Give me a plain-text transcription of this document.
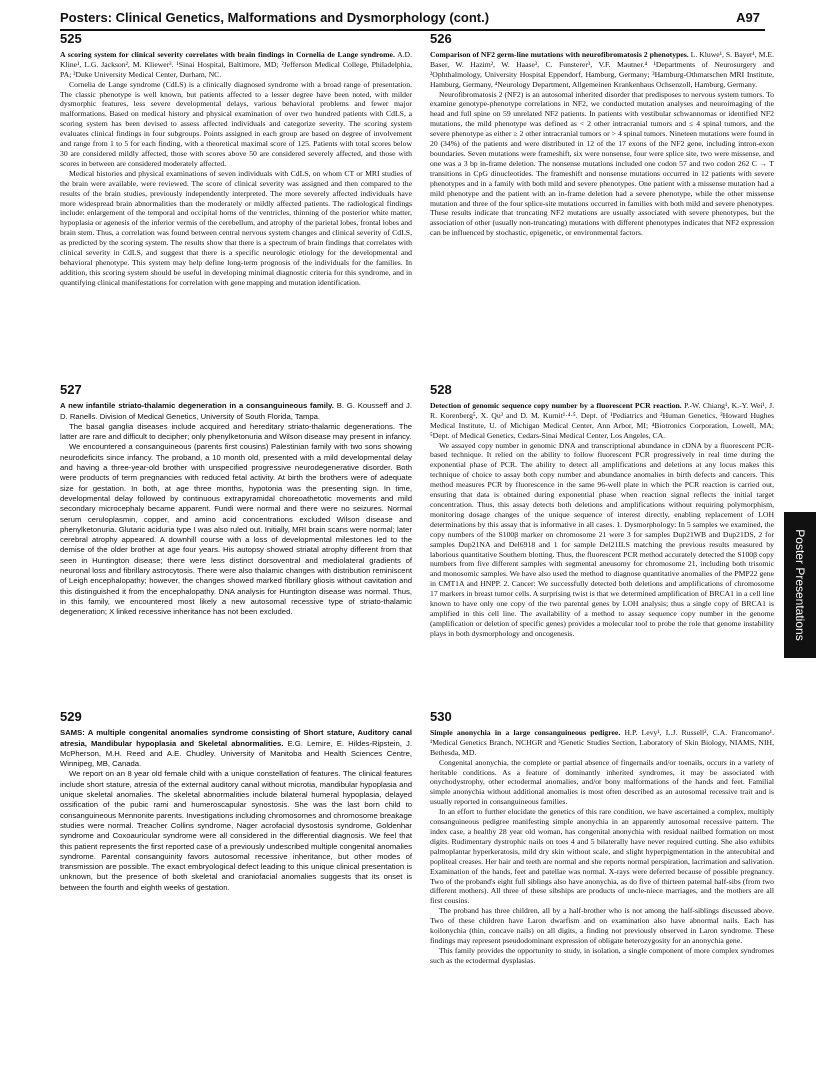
Posters: Clinical Genetics, Malformations and Dysmorphology (cont.)	A97
525

A scoring system for clinical severity correlates with brain findings in Cornelia de Lange syndrome. A.D. Kline¹, L.G. Jackson², M. Kliewer³. ¹Sinai Hospital, Baltimore, MD; ²Jefferson Medical College, Philadelphia, PA; ³Duke University Medical Center, Durham, NC.

Cornelia de Lange syndrome (CdLS) is a clinically diagnosed syndrome with a broad range of presentation. The classic phenotype is well known, but patients affected to a lesser degree have been noted, with milder dysmorphic features, less severe developmental delays, various behavioral problems and fewer major malformations. Based on medical history and physical examination of over two hundred patients with CdLS, a scoring system has been devised to assess affected individuals and categorize severity. The scoring system evaluates clinical findings in four subgroups. Points assigned in each group are based on degree of involvement and range from 1 to 5 for each finding, with a theoretical maximal score of 125. Patients with total scores below 30 are considered mildly affected, those with scores above 50 are considered severely affected, and those with scores in between are considered moderately affected.

Medical histories and physical examinations of seven individuals with CdLS, on whom CT or MRI studies of the brain were available, were reviewed. The score of clinical severity was assigned and then compared to the results of the brain studies, previously independently interpreted. The more severely affected individuals have more widespread brain abnormalities than the moderately or mildly affected patients. The radiological findings include: enlargement of the temporal and occipital horns of the ventricles, thinning of the posterior white matter, hypoplasia or agenesis of the inferior vermis of the cerebellum, and atrophy of the parietal lobes, frontal lobes and brain stem. Thus, a correlation was found between central nervous system changes and clinical severity of CdLS, as predicted by the scoring system. The results show that there is a spectrum of brain findings that correlates with clinical severity in CdLS, and suggest that there is a specific neurologic etiology for the developmental and behavioral phenotype. This system may help define long-term prognosis of the individuals for the families. In addition, this scoring system should be useful in developing minimal diagnostic criteria for this syndrome, and in quantifying clinical manifestations for correlation with gene mapping and mutation identification.

526

Comparison of NF2 germ-line mutations with neurofibromatosis 2 phenotypes. L. Kluwe¹, S. Bayer¹, M.E. Baser, W. Hazim², W. Haase³, C. Funsterer³, V.F. Mautner.⁴ ¹Departments of Neurosurgery and ²Ophthalmology, University Hospital Eppendorf, Hamburg, Germany; ³Hamburg-Othmarschen MRI Institute, Hamburg, Germany, ⁴Neurology Department, Allgemeinen Krankenhaus Ochsenzoll, Hamburg, Germany.

Neurofibromatosis 2 (NF2) is an autosomal inherited disorder that predisposes to nervous system tumors. To examine genotype-phenotype correlations in NF2, we conducted mutation analyses and neuroimaging of the head and full spine on 59 unrelated NF2 patients. In patients with vestibular schwannomas or identified NF2 mutations, the mild phenotype was defined as < 2 other intracranial tumors and ≤ 4 spinal tumors, and the severe phenotype as either ≥ 2 other intracranial tumors or > 4 spinal tumors. Nineteen mutations were found in 20 (34%) of the patients and were distributed in 12 of the 17 exons of the NF2 gene, including intron-exon boundaries. Seven mutations were frameshift, six were nonsense, four were splice site, two were missense, and one was a 3 bp in-frame deletion. The nonsense mutations included one codon 57 and two codon 262 C → T transitions in CpG dinucleotides. The frameshift and nonsense mutations occurred in 12 patients with severe phenotypes and in a family with both mild and severe phenotypes. One patient with a missense mutation had a mild phenotype and the patient with an in-frame deletion had a severe phenotype, while the other missense mutation and three of the four splice-site mutations occurred in families with both mild and severe phenotypes. These results indicate that truncating NF2 mutations are usually associated with severe phenotypes, but the association of other (usually non-truncating) mutations with different phenotypes indicates that NF2 expression can be influenced by stochastic, epigenetic, or environmental factors.

527

A new infantile striato-thalamic degeneration in a consanguineous family. B. G. Kousseff and J. D. Ranells. Division of Medical Genetics, University of South Florida, Tampa.

The basal ganglia diseases include acquired and hereditary striato-thalamic degenerations. The latter are rare and difficult to decipher; only phenylketonuria and Wilson disease may present in infancy.

We encountered a consanguineous (parents first cousins) Palestinian family with two sons showing neurodeficits since infancy. The proband, a 10 month old, presented with a mild developmental delay and having a three-year-old brother with unspecified progressive neurodegenerative disorder. Both were products of term pregnancies with reduced fetal activity. At birth the brothers were of adequate size for gestation. In both, at age three months, hypotonia was the presenting sign. In time, developmental delay followed by continuous extrapyramidal choreoathetotic movements and mild secondary microcephaly became apparent. Fundi were normal and there were no seizures. Normal serum ceruloplasmin, copper, and amino acid concentrations excluded Wilson disease and phenylketonuria. Glutaric aciduria type I was also ruled out. Initially, MRI brain scans were normal; later cerebral atrophy appeared. A downhill course with a loss of developmental milestones led to the demise of the older brother at age four years. His autopsy showed striatal atrophy different from that seen in Huntington disease; there were less distinct dorsoventral and mediolateral gradients of neuronal loss and fibrillary astrocytosis. There were also thalamic changes with distribution reminiscent of Leigh encephalopathy; however, the changes showed marked fibrillary gliosis without cavitation and this distinguished it from the encephalopathy. DNA analysis for Huntington disease was normal. Thus, in this family, we encountered most likely a new autosomal recessive type of striato-thalamic degeneration; X linked recessive inheritance has not been excluded.

528

Detection of genomic sequence copy number by a fluorescent PCR reaction. P.-W. Chiang¹, K.-Y. Wei¹, J. R. Korenberg⁵, X. Qu³ and D. M. Kurnit¹·⁴·⁵. Dept. of ¹Pediatrics and ²Human Genetics, ³Howard Hughes Medical Institute, U. of Michigan Medical Center, Ann Arbor, MI; ⁴Biotronics Corporation, Lowell, MA; ⁵Dept. of Medical Genetics, Cedars-Sinai Medical Center, Los Angeles, CA.

We assayed copy number in genomic DNA and transcriptional abundance in cDNA by a fluorescent PCR-based technique. It relied on the ability to follow fluorescent PCR progressively in real time during the exponential phase of PCR. The ability to detect all amplifications and deletions at any locus makes this technique of choice to assay both copy number and abundance anomalies in birth defects and cancers. This method measures PCR by fluorescence in the same 96-well plate in which the PCR reaction is carried out, ensuring that data is obtained during exponential phase when reaction signal reflects the initial target concentration. Thus, this assay detects both deletions and amplifications without requiring polymorphism, monitoring dosage changes of the unique sequence of interest directly, enabling replacement of LOH determinations by this assay that is informative in all cases. 1. Dysmorphology: In 5 samples we examined, the copy numbers of the S100β marker on chromosome 21 were 3 for samples Dup21WB and Dup21DS, 2 for samples Dup21NA and Del6918 and 1 for sample Del21ILS matching the previous results measured by laborious quantitative Southern blotting. Thus, the fluorescent PCR method accurately detected the S100β copy numbers from five different samples with segmental aneusomy for chromosome 21, including both trisomic and monosomic samples. We have also used the method to diagnose quantitative anomalies of the PMP22 gene in CMT1A and HNPP. 2. Cancer: We successfully detected both deletions and amplifications of chromosome 17 markers in breast tumor cells. A surprising twist is that we determined amplification of BRCA1 in a cell line known to have only one copy of the two parental genes by LOH analysis; thus a single copy of BRCA1 is amplified in this cell line. The availability of a method to assay sequence copy number in the genome (amplification or deletion of specific genes) provides a molecular tool to probe the role that genome instability plays in both dysmorphology and oncogenesis.

529

SAMS: A multiple congenital anomalies syndrome consisting of Short stature, Auditory canal atresia, Mandibular hypoplasia and Skeletal abnormalities. E.G. Lemire, E. Hildes-Ripstein, J. McPherson, M.H. Reed and A.E. Chudley. University of Manitoba and Health Sciences Centre, Winnipeg, MB, Canada.

We report on an 8 year old female child with a unique constellation of features. The clinical features include short stature, atresia of the external auditory canal without microtia, mandibular hypoplasia and unique skeletal anomalies. The skeletal abnormalities include bilateral humeral hypoplasia, delayed ossification of the pubic rami and humeroscapular synostosis. She was the last born child to consanguineous Mennonite parents. Investigations including chromosomes and chromosome breakage studies were normal. Treacher Collins syndrome, Nager acrofacial dysostosis syndrome, Goldenhar syndrome and Coxoauricular syndrome were all considered in the differential diagnosis. We feel that this patient represents the first reported case of a previously undescribed multiple congenital anomalies syndrome. Parental consanguinity favors autosomal recessive inheritance, but other modes of transmission are possible. The exact embryological defect leading to this unique clinical presentation is unknown, but the presence of both skeletal and craniofacial anomalies suggests that its onset is between the fourth and eighth weeks of gestation.

530

Simple anonychia in a large consanguineous pedigree. H.P. Levy¹, L.J. Russell², C.A. Francomano¹. ¹Medical Genetics Branch, NCHGR and ²Genetic Studies Section, Laboratory of Skin Biology, NIAMS, NIH, Bethesda, MD.

Congenital anonychia, the complete or partial absence of fingernails and/or toenails, occurs in a variety of heritable conditions. As a feature of dominantly inherited syndromes, it may be associated with onychodystrophy, other ectodermal anomalies, and/or bony malformations of the hands and feet. Familial simple anonychia without additional anomalies is most often described as an autosomal recessive trait and is usually reported in consanguineous families.

In an effort to further elucidate the genetics of this rare condition, we have ascertained a complex, multiply consanguineous pedigree manifesting simple anonychia in an apparently autosomal recessive pattern. The index case, a healthy 28 year old woman, has congenital anonychia with residual nailbed formation on most digits. Rudimentary dystrophic nails on toes 4 and 5 bilaterally have never required cutting. She also exhibits palmoplantar hyperkeratosis, mild dry skin without scale, and slight hyperpigmentation in the antecubital and popliteal creases. Her hair and teeth are normal and she reports normal perspiration, lacrimation and salivation. Examination of the hands, feet and patellae was normal. X-rays were deferred because of possible pregnancy. Two of the proband's eight full siblings also have anonychia, as do five of thirteen paternal half-sibs (from two different mothers). All three of these sibships are products of uncle-niece marriages, and the mothers are all first cousins.

The proband has three children, all by a half-brother who is not among the half-siblings discussed above. Two of these children have Laron dwarfism and on examination also have abnormal nails. Each has koilonychia (thin, concave nails) on all digits, a finding not previously observed in Laron syndrome. These findings may represent pseudodominant expression of obligate heterozygosity for an anonychia gene.

This family provides the opportunity to study, in isolation, a single component of more complex syndromes such as the ectodermal dysplasias.

Poster Presentations
